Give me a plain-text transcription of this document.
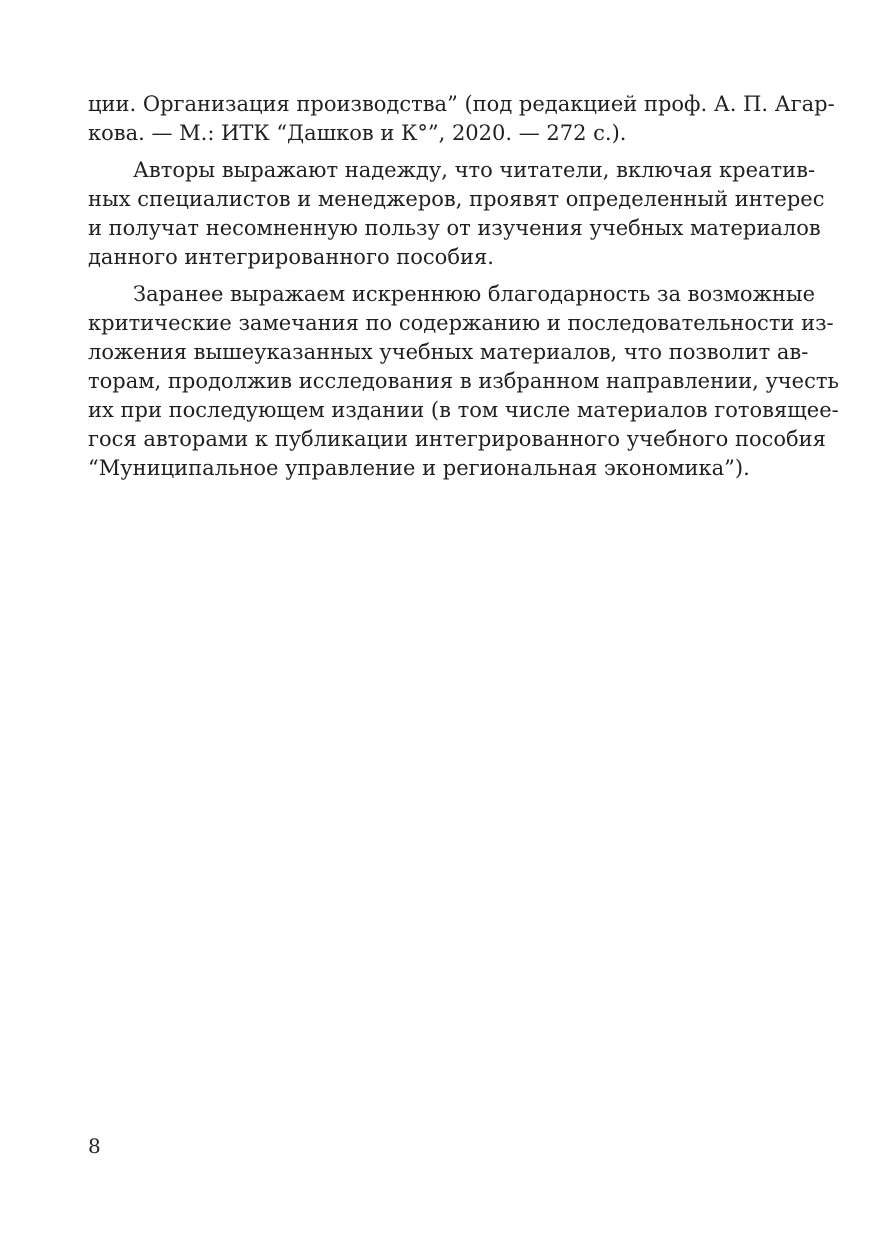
ции. Организация производства” (под редакцией проф. А. П. Агар-
кова. — М.: ИТК “Дашков и К°”, 2020. — 272 с.).
Авторы выражают надежду, что читатели, включая креатив-
ных специалистов и менеджеров, проявят определенный интерес
и получат несомненную пользу от изучения учебных материалов
данного интегрированного пособия.
Заранее выражаем искреннюю благодарность за возможные
критические замечания по содержанию и последовательности из-
ложения вышеуказанных учебных материалов, что позволит ав-
торам, продолжив исследования в избранном направлении, учесть
их при последующем издании (в том числе материалов готовящее-
гося авторами к публикации интегрированного учебного пособия
“Муниципальное управление и региональная экономика”).
8
